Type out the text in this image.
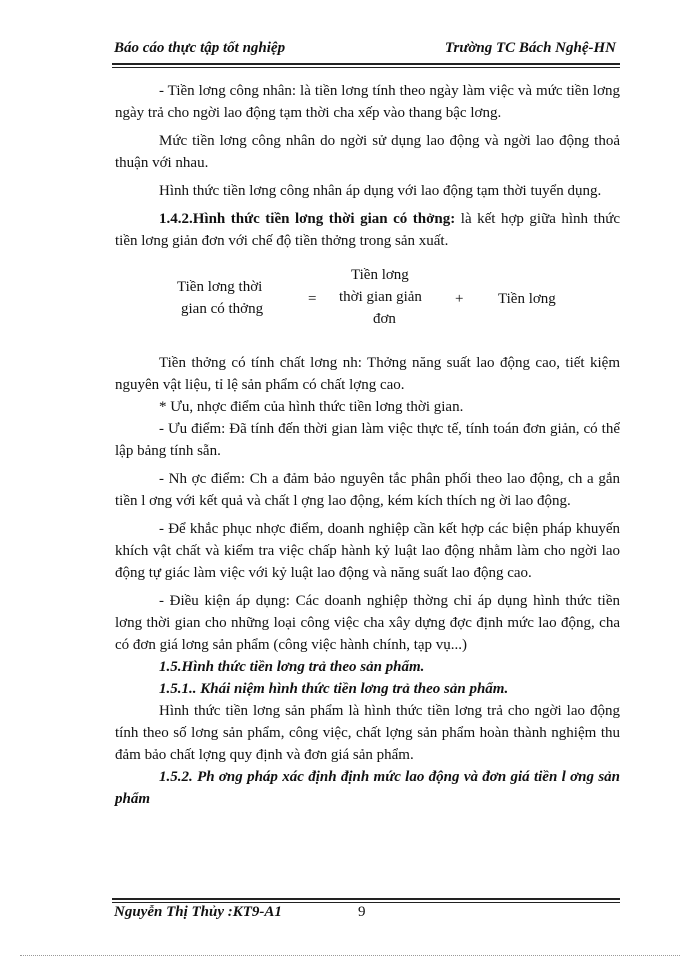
Báo cáo thực tập tốt nghiệp	Trường TC Bách Nghệ-HN

- Tiền lơng công nhân: là tiền lơng tính theo ngày làm việc và mức tiền lơng ngày trả cho ngời lao động tạm thời cha xếp vào thang bậc lơng.

Mức tiền lơng công nhân do ngời sử dụng lao động và ngời lao động thoả thuận với nhau.

Hình thức tiền lơng công nhân áp dụng với lao động tạm thời tuyển dụng.

1.4.2.Hình thức tiền lơng thời gian có thởng: là kết hợp giữa hình thức tiền lơng giản đơn với chế độ tiền thởng trong sản xuất.

Tiền lơng thời
gian có thởng
=
Tiền lơng
thời gian giản
đơn
+ Tiền lơng

Tiền thởng có tính chất lơng nh: Thởng năng suất lao động cao, tiết kiệm nguyên vật liệu, tỉ lệ sản phẩm có chất lợng cao.

* Ưu, nhợc điểm của hình thức tiền lơng thời gian.

- Ưu điểm: Đã tính đến thời gian làm việc thực tế, tính toán đơn giản, có thể lập bảng tính sẵn.

- Nh ợc điểm: Ch a đảm bảo nguyên tắc phân phối theo lao động, ch a gắn tiền l ơng với kết quả và chất l ợng lao động, kém kích thích ng ời lao động.

- Để khắc phục nhợc điểm, doanh nghiệp cần kết hợp các biện pháp khuyến khích vật chất và kiểm tra việc chấp hành kỷ luật lao động nhằm làm cho ngời lao động tự giác làm việc với kỷ luật lao động và năng suất lao động cao.

- Điều kiện áp dụng: Các doanh nghiệp thờng chỉ áp dụng hình thức tiền lơng thời gian cho những loại công việc cha xây dựng đợc định mức lao động, cha có đơn giá lơng sản phẩm (công việc hành chính, tạp vụ...)

1.5.Hình thức tiền lơng trả theo sản phẩm.

1.5.1.. Khái niệm hình thức tiền lơng trả theo sản phẩm.

Hình thức tiền lơng sản phẩm là hình thức tiền lơng trả cho ngời lao động tính theo số lơng sản phẩm, công việc, chất lợng sản phẩm hoàn thành nghiệm thu đảm bảo chất lợng quy định và đơn giá sản phẩm.

1.5.2. Ph ơng pháp xác định định mức lao động và đơn giá tiền l ơng sản phẩm

Nguyễn Thị Thủy :KT9-A1	9
